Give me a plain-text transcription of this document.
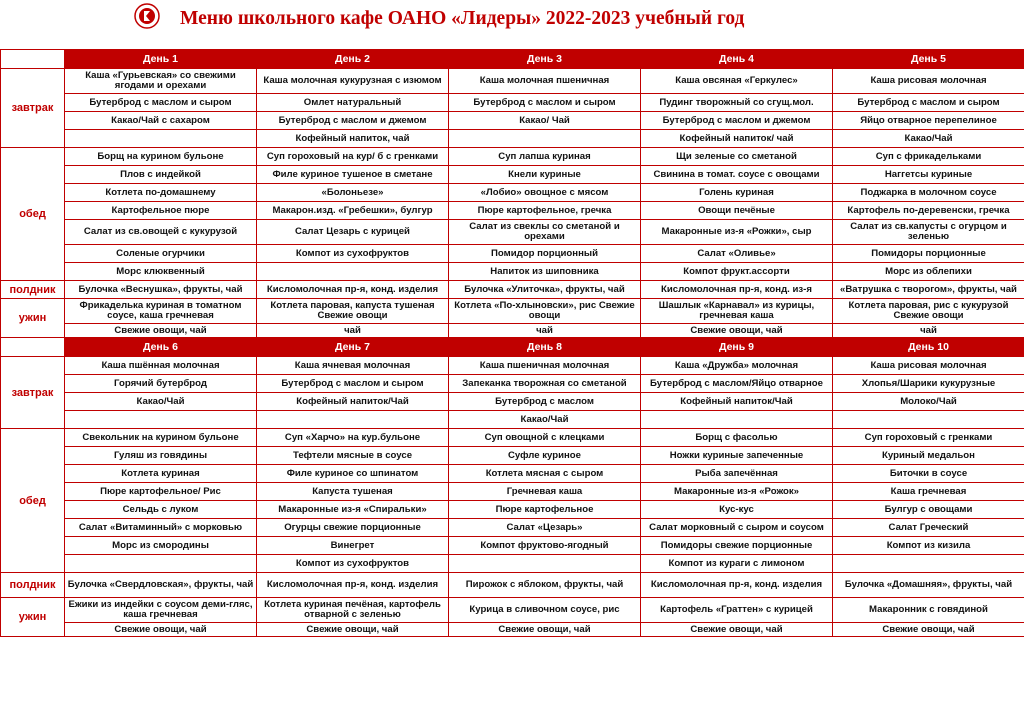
Меню школьного кафе ОАНО «Лидеры» 2022-2023 учебный год
	День 1	День 2	День 3	День 4	День 5

завтрак	Каша «Гурьевская» со свежими ягодами и орехами	Каша молочная кукурузная с изюмом	Каша молочная пшеничная	Каша овсяная «Геркулес»	Каша рисовая молочная
	Бутерброд с маслом и сыром	Омлет натуральный	Бутерброд с маслом и сыром	Пудинг творожный со сгущ.мол.	Бутерброд с маслом и сыром
	Какао/Чай с сахаром	Бутерброд с маслом и джемом	Какао/ Чай	Бутерброд с маслом и джемом	Яйцо отварное перепелиное
		Кофейный напиток, чай		Кофейный напиток/ чай	Какао/Чай

обед	Борщ на курином бульоне	Суп гороховый на кур/ б с гренками	Суп лапша куриная	Щи зеленые со сметаной	Суп с фрикадельками
	Плов с индейкой	Филе куриное тушеное в сметане	Кнели куриные	Свинина в томат. соусе с овощами	Наггетсы куриные
	Котлета по-домашнему	«Болоньезе»	«Лобио» овощное с мясом	Голень куриная	Поджарка в молочном соусе
	Картофельное пюре	Макарон.изд. «Гребешки», булгур	Пюре картофельное, гречка	Овощи печёные	Картофель по-деревенски, гречка
	Салат из св.овощей с кукурузой	Салат Цезарь с курицей	Салат из свеклы со сметаной и орехами	Макаронные из-я «Рожки», сыр	Салат из св.капусты с огурцом и зеленью
	Соленые огурчики	Компот из сухофруктов	Помидор порционный	Салат «Оливье»	Помидоры порционные
	Морс клюквенный		Напиток из шиповника	Компот фрукт.ассорти	Морс из облепихи

полдник	Булочка «Веснушка», фрукты, чай	Кисломолочная пр-я, конд. изделия	Булочка «Улиточка», фрукты, чай	Кисломолочная пр-я, конд. из-я	«Ватрушка с творогом», фрукты, чай

ужин	Фрикаделька куриная в томатном соусе, каша гречневая	Котлета паровая, капуста тушеная Свежие овощи	Котлета «По-хлыновски», рис Свежие овощи	Шашлык «Карнавал» из курицы, гречневая каша	Котлета паровая, рис с кукурузой Свежие овощи
	Свежие овощи, чай	чай	чай	Свежие овощи, чай	чай
	День 6	День 7	День 8	День 9	День 10

завтрак	Каша пшённая молочная	Каша ячневая молочная	Каша пшеничная молочная	Каша «Дружба» молочная	Каша рисовая молочная
	Горячий бутерброд	Бутерброд с маслом и сыром	Запеканка творожная со сметаной	Бутерброд с маслом/Яйцо отварное	Хлопья/Шарики кукурузные
	Какао/Чай	Кофейный напиток/Чай	Бутерброд с маслом	Кофейный напиток/Чай	Молоко/Чай
			Какао/Чай		

обед	Свекольник на курином бульоне	Суп «Харчо» на кур.бульоне	Суп овощной с клецками	Борщ с фасолью	Суп гороховый с гренками
	Гуляш из говядины	Тефтели мясные в соусе	Суфле куриное	Ножки куриные запеченные	Куриный медальон
	Котлета куриная	Филе куриное со шпинатом	Котлета мясная с сыром	Рыба запечённая	Биточки в соусе
	Пюре картофельное/ Рис	Капуста тушеная	Гречневая каша	Макаронные из-я «Рожок»	Каша гречневая
	Сельдь с луком	Макаронные из-я «Спиральки»	Пюре картофельное	Кус-кус	Булгур с овощами
	Салат «Витаминный» с морковью	Огурцы свежие порционные	Салат «Цезарь»	Салат морковный с сыром и соусом	Салат Греческий
	Морс из смородины	Винегрет	Компот фруктово-ягодный	Помидоры свежие порционные	Компот из кизила
		Компот из сухофруктов		Компот из кураги с лимоном	

полдник	Булочка «Свердловская», фрукты, чай	Кисломолочная пр-я, конд. изделия	Пирожок с яблоком, фрукты, чай	Кисломолочная пр-я, конд. изделия	Булочка «Домашняя», фрукты, чай

ужин	Ежики из индейки с соусом деми-гляс, каша гречневая	Котлета куриная печёная, картофель отварной с зеленью	Курица в сливочном соусе, рис	Картофель «Граттен» с курицей	Макаронник с говядиной
	Свежие овощи, чай	Свежие овощи, чай	Свежие овощи, чай	Свежие овощи, чай	Свежие овощи, чай
